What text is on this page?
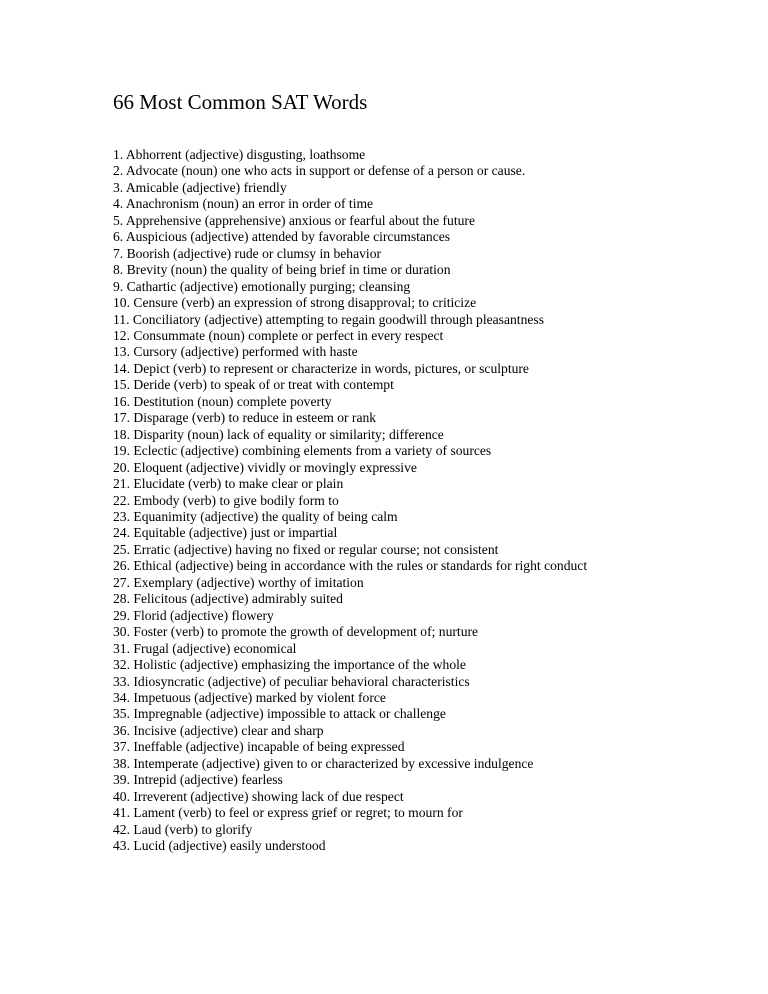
66 Most Common SAT Words
1. Abhorrent (adjective) disgusting, loathsome
2. Advocate (noun) one who acts in support or defense of a person or cause.
3. Amicable (adjective) friendly
4. Anachronism (noun) an error in order of time
5. Apprehensive (apprehensive) anxious or fearful about the future
6. Auspicious (adjective) attended by favorable circumstances
7. Boorish (adjective) rude or clumsy in behavior
8. Brevity (noun) the quality of being brief in time or duration
9. Cathartic (adjective) emotionally purging; cleansing
10. Censure (verb) an expression of strong disapproval; to criticize
11. Conciliatory (adjective) attempting to regain goodwill through pleasantness
12. Consummate (noun) complete or perfect in every respect
13. Cursory (adjective) performed with haste
14. Depict (verb) to represent or characterize in words, pictures, or sculpture
15. Deride (verb) to speak of or treat with contempt
16. Destitution (noun) complete poverty
17. Disparage (verb) to reduce in esteem or rank
18. Disparity (noun) lack of equality or similarity; difference
19. Eclectic (adjective) combining elements from a variety of sources
20. Eloquent (adjective) vividly or movingly expressive
21. Elucidate (verb) to make clear or plain
22. Embody (verb) to give bodily form to
23. Equanimity (adjective) the quality of being calm
24. Equitable (adjective) just or impartial
25. Erratic (adjective) having no fixed or regular course; not consistent
26. Ethical (adjective) being in accordance with the rules or standards for right conduct
27. Exemplary (adjective) worthy of imitation
28. Felicitous (adjective) admirably suited
29. Florid (adjective) flowery
30. Foster (verb) to promote the growth of development of; nurture
31. Frugal (adjective) economical
32. Holistic (adjective) emphasizing the importance of the whole
33. Idiosyncratic (adjective) of peculiar behavioral characteristics
34. Impetuous (adjective) marked by violent force
35. Impregnable (adjective) impossible to attack or challenge
36. Incisive (adjective) clear and sharp
37. Ineffable (adjective) incapable of being expressed
38. Intemperate (adjective) given to or characterized by excessive indulgence
39. Intrepid (adjective) fearless
40. Irreverent (adjective) showing lack of due respect
41. Lament (verb) to feel or express grief or regret; to mourn for
42. Laud (verb) to glorify
43. Lucid (adjective) easily understood
